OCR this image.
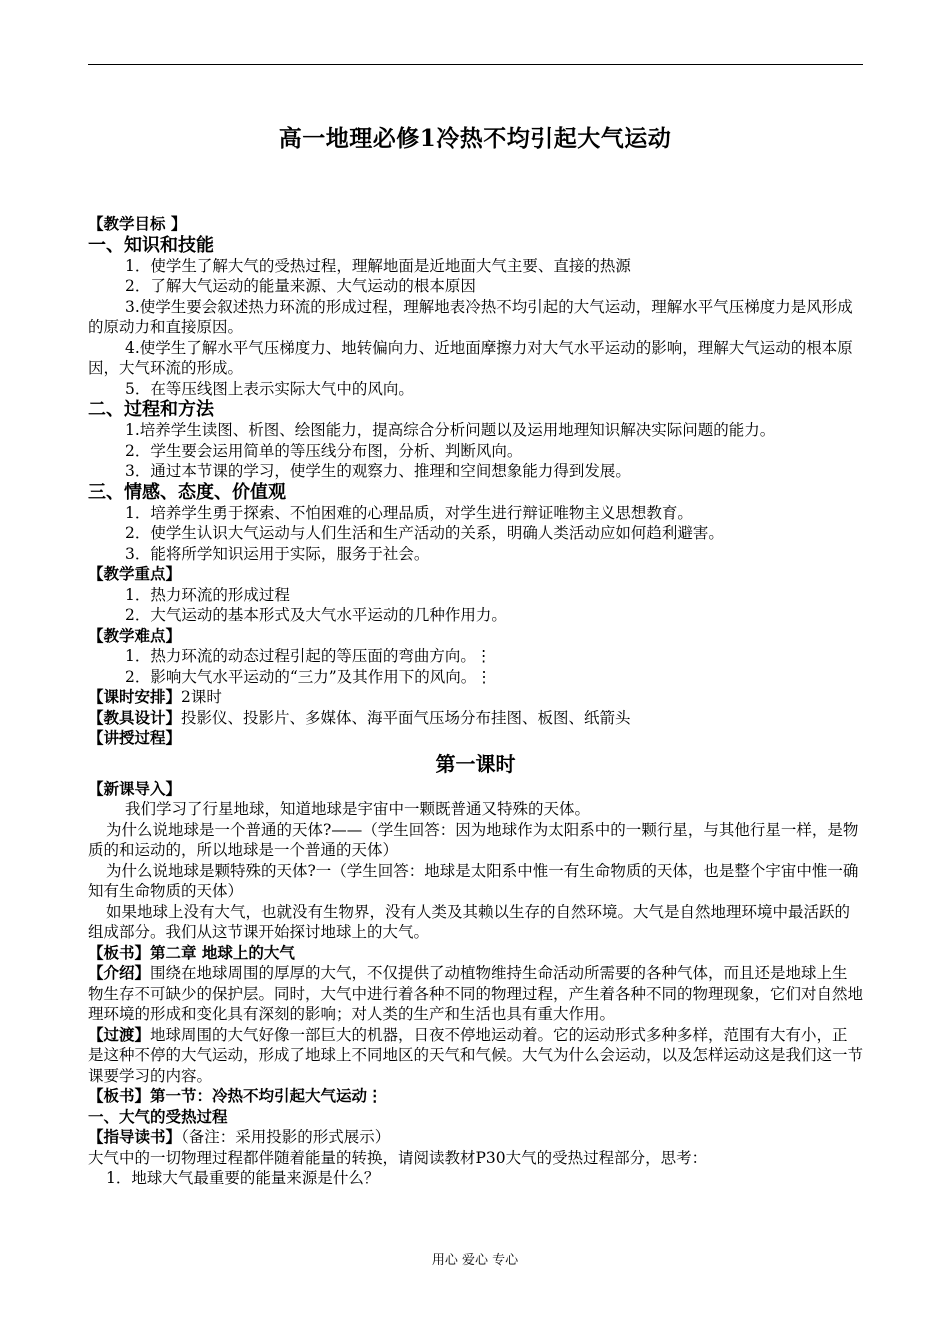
高一地理必修1冷热不均引起大气运动

【教学目标 】

一、知识和技能

1．使学生了解大气的受热过程，理解地面是近地面大气主要、直接的热源

2．了解大气运动的能量来源、大气运动的根本原因

3.使学生要会叙述热力环流的形成过程，理解地表冷热不均引起的大气运动，理解水平气压梯度力是风形成的原动力和直接原因。

4.使学生了解水平气压梯度力、地转偏向力、近地面摩擦力对大气水平运动的影响，理解大气运动的根本原因，大气环流的形成。

5．在等压线图上表示实际大气中的风向。

二、过程和方法

1.培养学生读图、析图、绘图能力，提高综合分析问题以及运用地理知识解决实际问题的能力。

2．学生要会运用简单的等压线分布图，分析、判断风向。

3．通过本节课的学习，使学生的观察力、推理和空间想象能力得到发展。

三、情感、态度、价值观

1．培养学生勇于探索、不怕困难的心理品质，对学生进行辩证唯物主义思想教育。

2．使学生认识大气运动与人们生活和生产活动的关系，明确人类活动应如何趋利避害。

3．能将所学知识运用于实际，服务于社会。

【教学重点】

1．热力环流的形成过程

2．大气运动的基本形式及大气水平运动的几种作用力。

【教学难点】

1．热力环流的动态过程引起的等压面的弯曲方向。⋮

2．影响大气水平运动的“三力”及其作用下的风向。⋮

【课时安排】2课时

【教具设计】投影仪、投影片、多媒体、海平面气压场分布挂图、板图、纸箭头

【讲授过程】

第一课时

【新课导入】

我们学习了行星地球，知道地球是宇宙中一颗既普通又特殊的天体。

为什么说地球是一个普通的天体?——（学生回答：因为地球作为太阳系中的一颗行星，与其他行星一样，是物质的和运动的，所以地球是一个普通的天体）

为什么说地球是颗特殊的天体?一（学生回答：地球是太阳系中惟一有生命物质的天体，也是整个宇宙中惟一确知有生命物质的天体）

如果地球上没有大气，也就没有生物界，没有人类及其赖以生存的自然环境。大气是自然地理环境中最活跃的组成部分。我们从这节课开始探讨地球上的大气。

【板书】第二章 地球上的大气

【介绍】围绕在地球周围的厚厚的大气，不仅提供了动植物维持生命活动所需要的各种气体，而且还是地球上生物生存不可缺少的保护层。同时，大气中进行着各种不同的物理过程，产生着各种不同的物理现象，它们对自然地理环境的形成和变化具有深刻的影响；对人类的生产和生活也具有重大作用。

【过渡】地球周围的大气好像一部巨大的机器，日夜不停地运动着。它的运动形式多种多样，范围有大有小，正是这种不停的大气运动，形成了地球上不同地区的天气和气候。大气为什么会运动，以及怎样运动这是我们这一节课要学习的内容。

【板书】第一节：冷热不均引起大气运动⋮

一、大气的受热过程

【指导读书】（备注：采用投影的形式展示）

大气中的一切物理过程都伴随着能量的转换，请阅读教材P30大气的受热过程部分，思考：

1．地球大气最重要的能量来源是什么？

用心 爱心 专心
